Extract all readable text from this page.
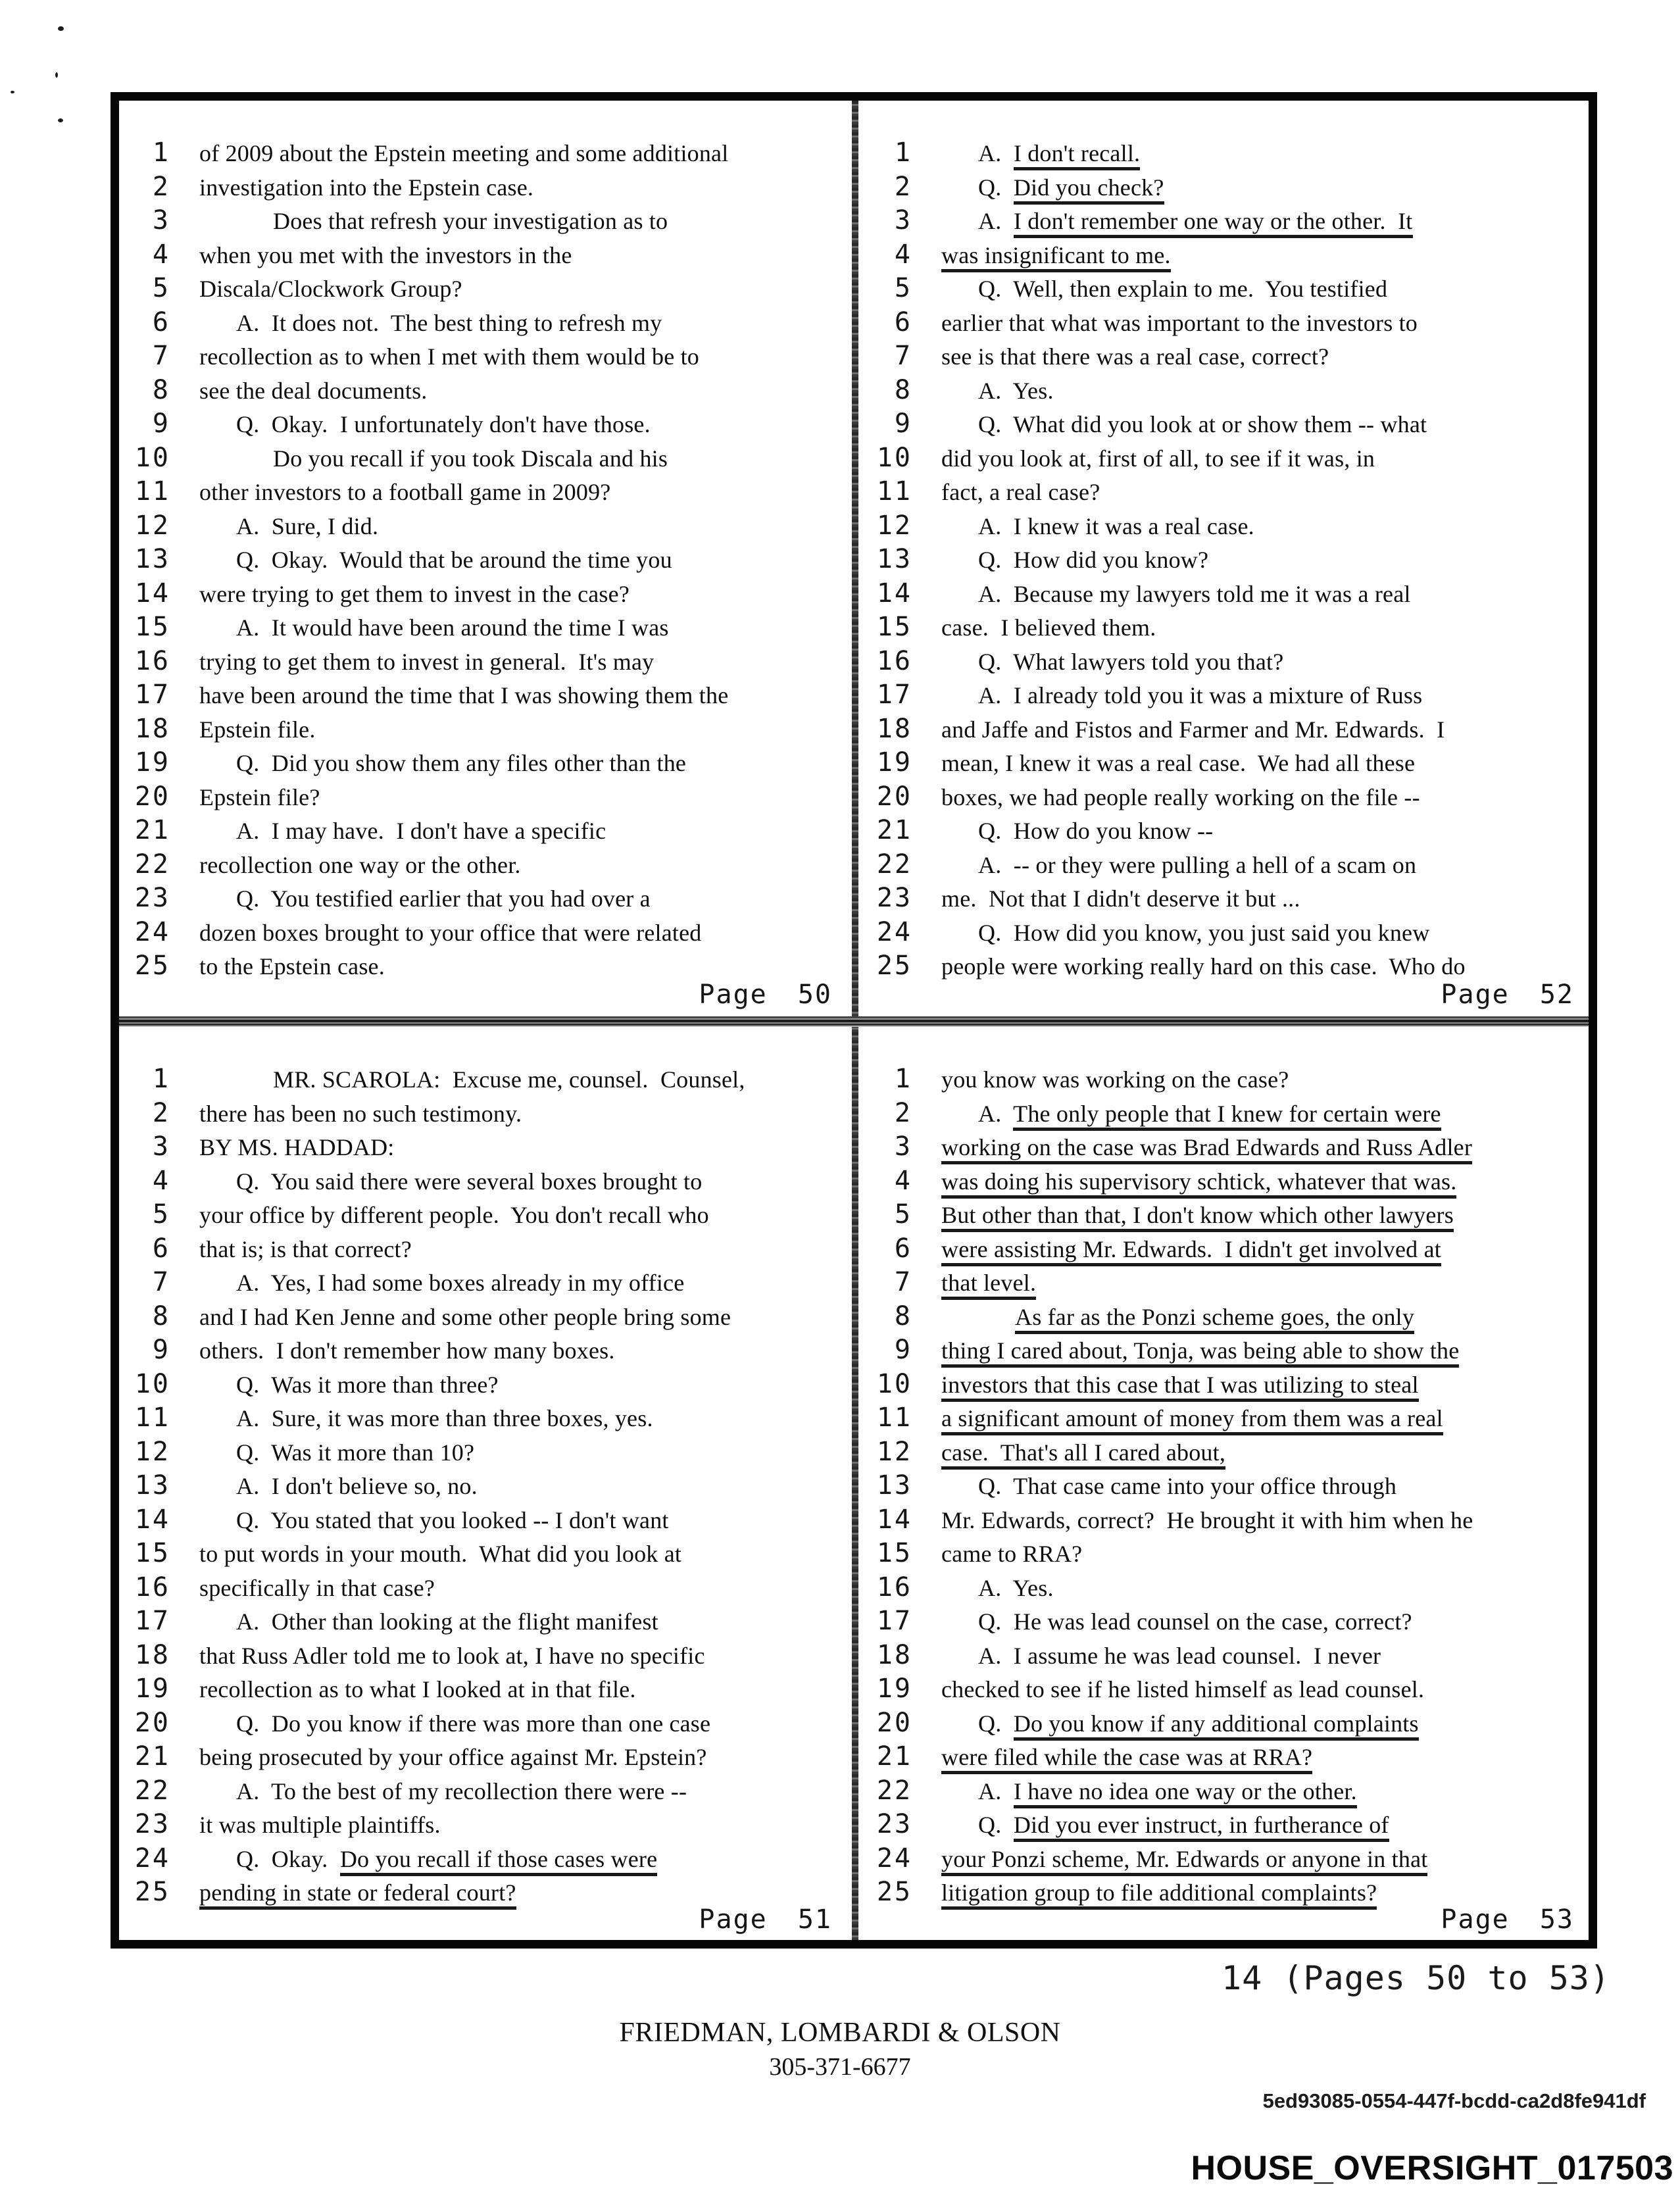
1 of 2009 about the Epstein meeting and some additional
2 investigation into the Epstein case.
3	Does that refresh your investigation as to
4 when you met with the investors in the
5 Discala/Clockwork Group?
6	A.  It does not.  The best thing to refresh my
7 recollection as to when I met with them would be to
8 see the deal documents.
9	Q.  Okay.  I unfortunately don't have those.
10	Do you recall if you took Discala and his
11 other investors to a football game in 2009?
12	A.  Sure, I did.
13	Q.  Okay.  Would that be around the time you
14 were trying to get them to invest in the case?
15	A.  It would have been around the time I was
16 trying to get them to invest in general.  It's may
17 have been around the time that I was showing them the
18 Epstein file.
19	Q.  Did you show them any files other than the
20 Epstein file?
21	A.  I may have.  I don't have a specific
22 recollection one way or the other.
23	Q.  You testified earlier that you had over a
24 dozen boxes brought to your office that were related
25 to the Epstein case.
Page 50
1	A.  I don't recall.
2	Q.  Did you check?
3	A.  I don't remember one way or the other.  It
4 was insignificant to me.
5	Q.  Well, then explain to me.  You testified
6 earlier that what was important to the investors to
7 see is that there was a real case, correct?
8	A.  Yes.
9	Q.  What did you look at or show them -- what
10 did you look at, first of all, to see if it was, in
11 fact, a real case?
12	A.  I knew it was a real case.
13	Q.  How did you know?
14	A.  Because my lawyers told me it was a real
15 case.  I believed them.
16	Q.  What lawyers told you that?
17	A.  I already told you it was a mixture of Russ
18 and Jaffe and Fistos and Farmer and Mr. Edwards.  I
19 mean, I knew it was a real case.  We had all these
20 boxes, we had people really working on the file --
21	Q.  How do you know --
22	A.  -- or they were pulling a hell of a scam on
23 me.  Not that I didn't deserve it but ...
24	Q.  How did you know, you just said you knew
25 people were working really hard on this case.  Who do
Page 52
1	MR. SCAROLA:  Excuse me, counsel.  Counsel,
2 there has been no such testimony.
3 BY MS. HADDAD:
4	Q.  You said there were several boxes brought to
5 your office by different people.  You don't recall who
6 that is; is that correct?
7	A.  Yes, I had some boxes already in my office
8 and I had Ken Jenne and some other people bring some
9 others.  I don't remember how many boxes.
10	Q.  Was it more than three?
11	A.  Sure, it was more than three boxes, yes.
12	Q.  Was it more than 10?
13	A.  I don't believe so, no.
14	Q.  You stated that you looked -- I don't want
15 to put words in your mouth.  What did you look at
16 specifically in that case?
17	A.  Other than looking at the flight manifest
18 that Russ Adler told me to look at, I have no specific
19 recollection as to what I looked at in that file.
20	Q.  Do you know if there was more than one case
21 being prosecuted by your office against Mr. Epstein?
22	A.  To the best of my recollection there were --
23 it was multiple plaintiffs.
24	Q.  Okay.  Do you recall if those cases were
25 pending in state or federal court?
Page 51
1 you know was working on the case?
2	A.  The only people that I knew for certain were
3 working on the case was Brad Edwards and Russ Adler
4 was doing his supervisory schtick, whatever that was.
5 But other than that, I don't know which other lawyers
6 were assisting Mr. Edwards.  I didn't get involved at
7 that level.
8	As far as the Ponzi scheme goes, the only
9 thing I cared about, Tonja, was being able to show the
10 investors that this case that I was utilizing to steal
11 a significant amount of money from them was a real
12 case.  That's all I cared about,
13	Q.  That case came into your office through
14 Mr. Edwards, correct?  He brought it with him when he
15 came to RRA?
16	A.  Yes.
17	Q.  He was lead counsel on the case, correct?
18	A.  I assume he was lead counsel.  I never
19 checked to see if he listed himself as lead counsel.
20	Q.  Do you know if any additional complaints
21 were filed while the case was at RRA?
22	A.  I have no idea one way or the other.
23	Q.  Did you ever instruct, in furtherance of
24 your Ponzi scheme, Mr. Edwards or anyone in that
25 litigation group to file additional complaints?
Page 53
14 (Pages 50 to 53)
FRIEDMAN, LOMBARDI & OLSON
305-371-6677
5ed93085-0554-447f-bcdd-ca2d8fe941df
HOUSE_OVERSIGHT_017503
